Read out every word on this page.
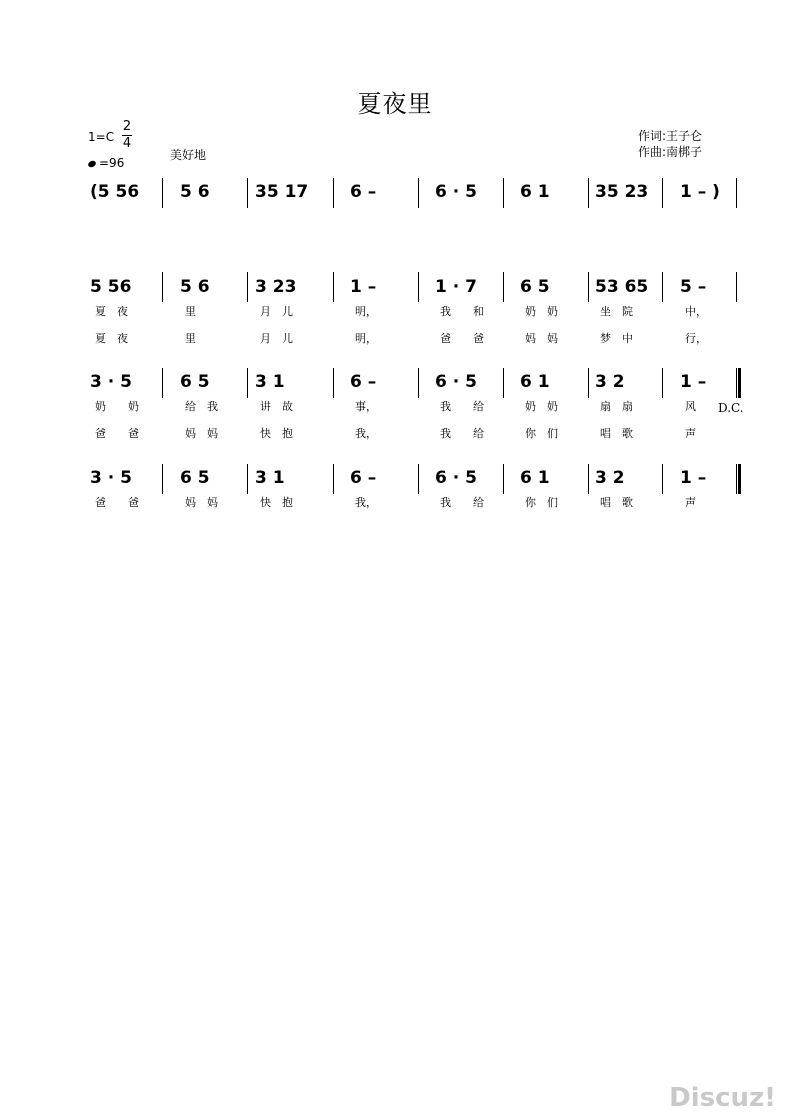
夏夜里
1=C
2
4
=96
美好地
作词:王子仑
作曲:南梆子
(5 56 5 6	35 17 6 –	6 · 5	6 1	35 23 1 – )
5 56	5 6	3 23	1 –	1 · 7	6 5	53 65 5 –
夏　夜	里	月　儿	明，	我　　和	奶　奶	坐　院	中，
夏　夜	里	月　儿	明，	爸　　爸	妈　妈	梦　中	行，
3 · 5	6 5	3 1	6 –	6 · 5	6 1	3 2	1 –
奶　　奶	给　我	讲　故	事，	我　　给	奶　奶	扇　扇	风
爸　　爸	妈　妈	快　抱	我，	我　　给	你　们	唱　歌	声
3 · 5	6 5	3 1	6 –	6 · 5	6 1	3 2	1 –
爸　　爸	妈　妈	快　抱	我，	我　　给	你　们	唱　歌	声
D.C.
Discuz!
